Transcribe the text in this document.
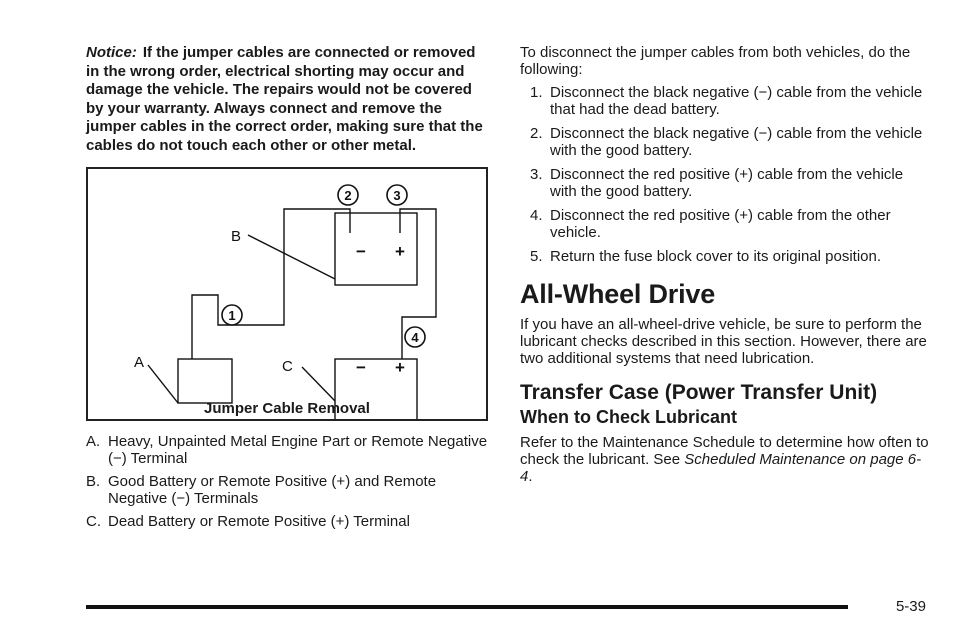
Notice: If the jumper cables are connected or removed in the wrong order, electrical shorting may occur and damage the vehicle. The repairs would not be covered by your warranty. Always connect and remove the jumper cables in the correct order, making sure that the cables do not touch each other or other metal.

− +
− +
B
A	C
1
2	3
4
Jumper Cable Removal
A. Heavy, Unpainted Metal Engine Part or Remote Negative (−) Terminal
B. Good Battery or Remote Positive (+) and Remote Negative (−) Terminals
C. Dead Battery or Remote Positive (+) Terminal

To disconnect the jumper cables from both vehicles, do the following:

1. Disconnect the black negative (−) cable from the vehicle that had the dead battery.
2. Disconnect the black negative (−) cable from the vehicle with the good battery.
3. Disconnect the red positive (+) cable from the vehicle with the good battery.
4. Disconnect the red positive (+) cable from the other vehicle.
5. Return the fuse block cover to its original position.
All-Wheel Drive

If you have an all-wheel-drive vehicle, be sure to perform the lubricant checks described in this section. However, there are two additional systems that need lubrication.

Transfer Case (Power Transfer Unit)
When to Check Lubricant

Refer to the Maintenance Schedule to determine how often to check the lubricant. See Scheduled Maintenance on page 6-4.

5-39
